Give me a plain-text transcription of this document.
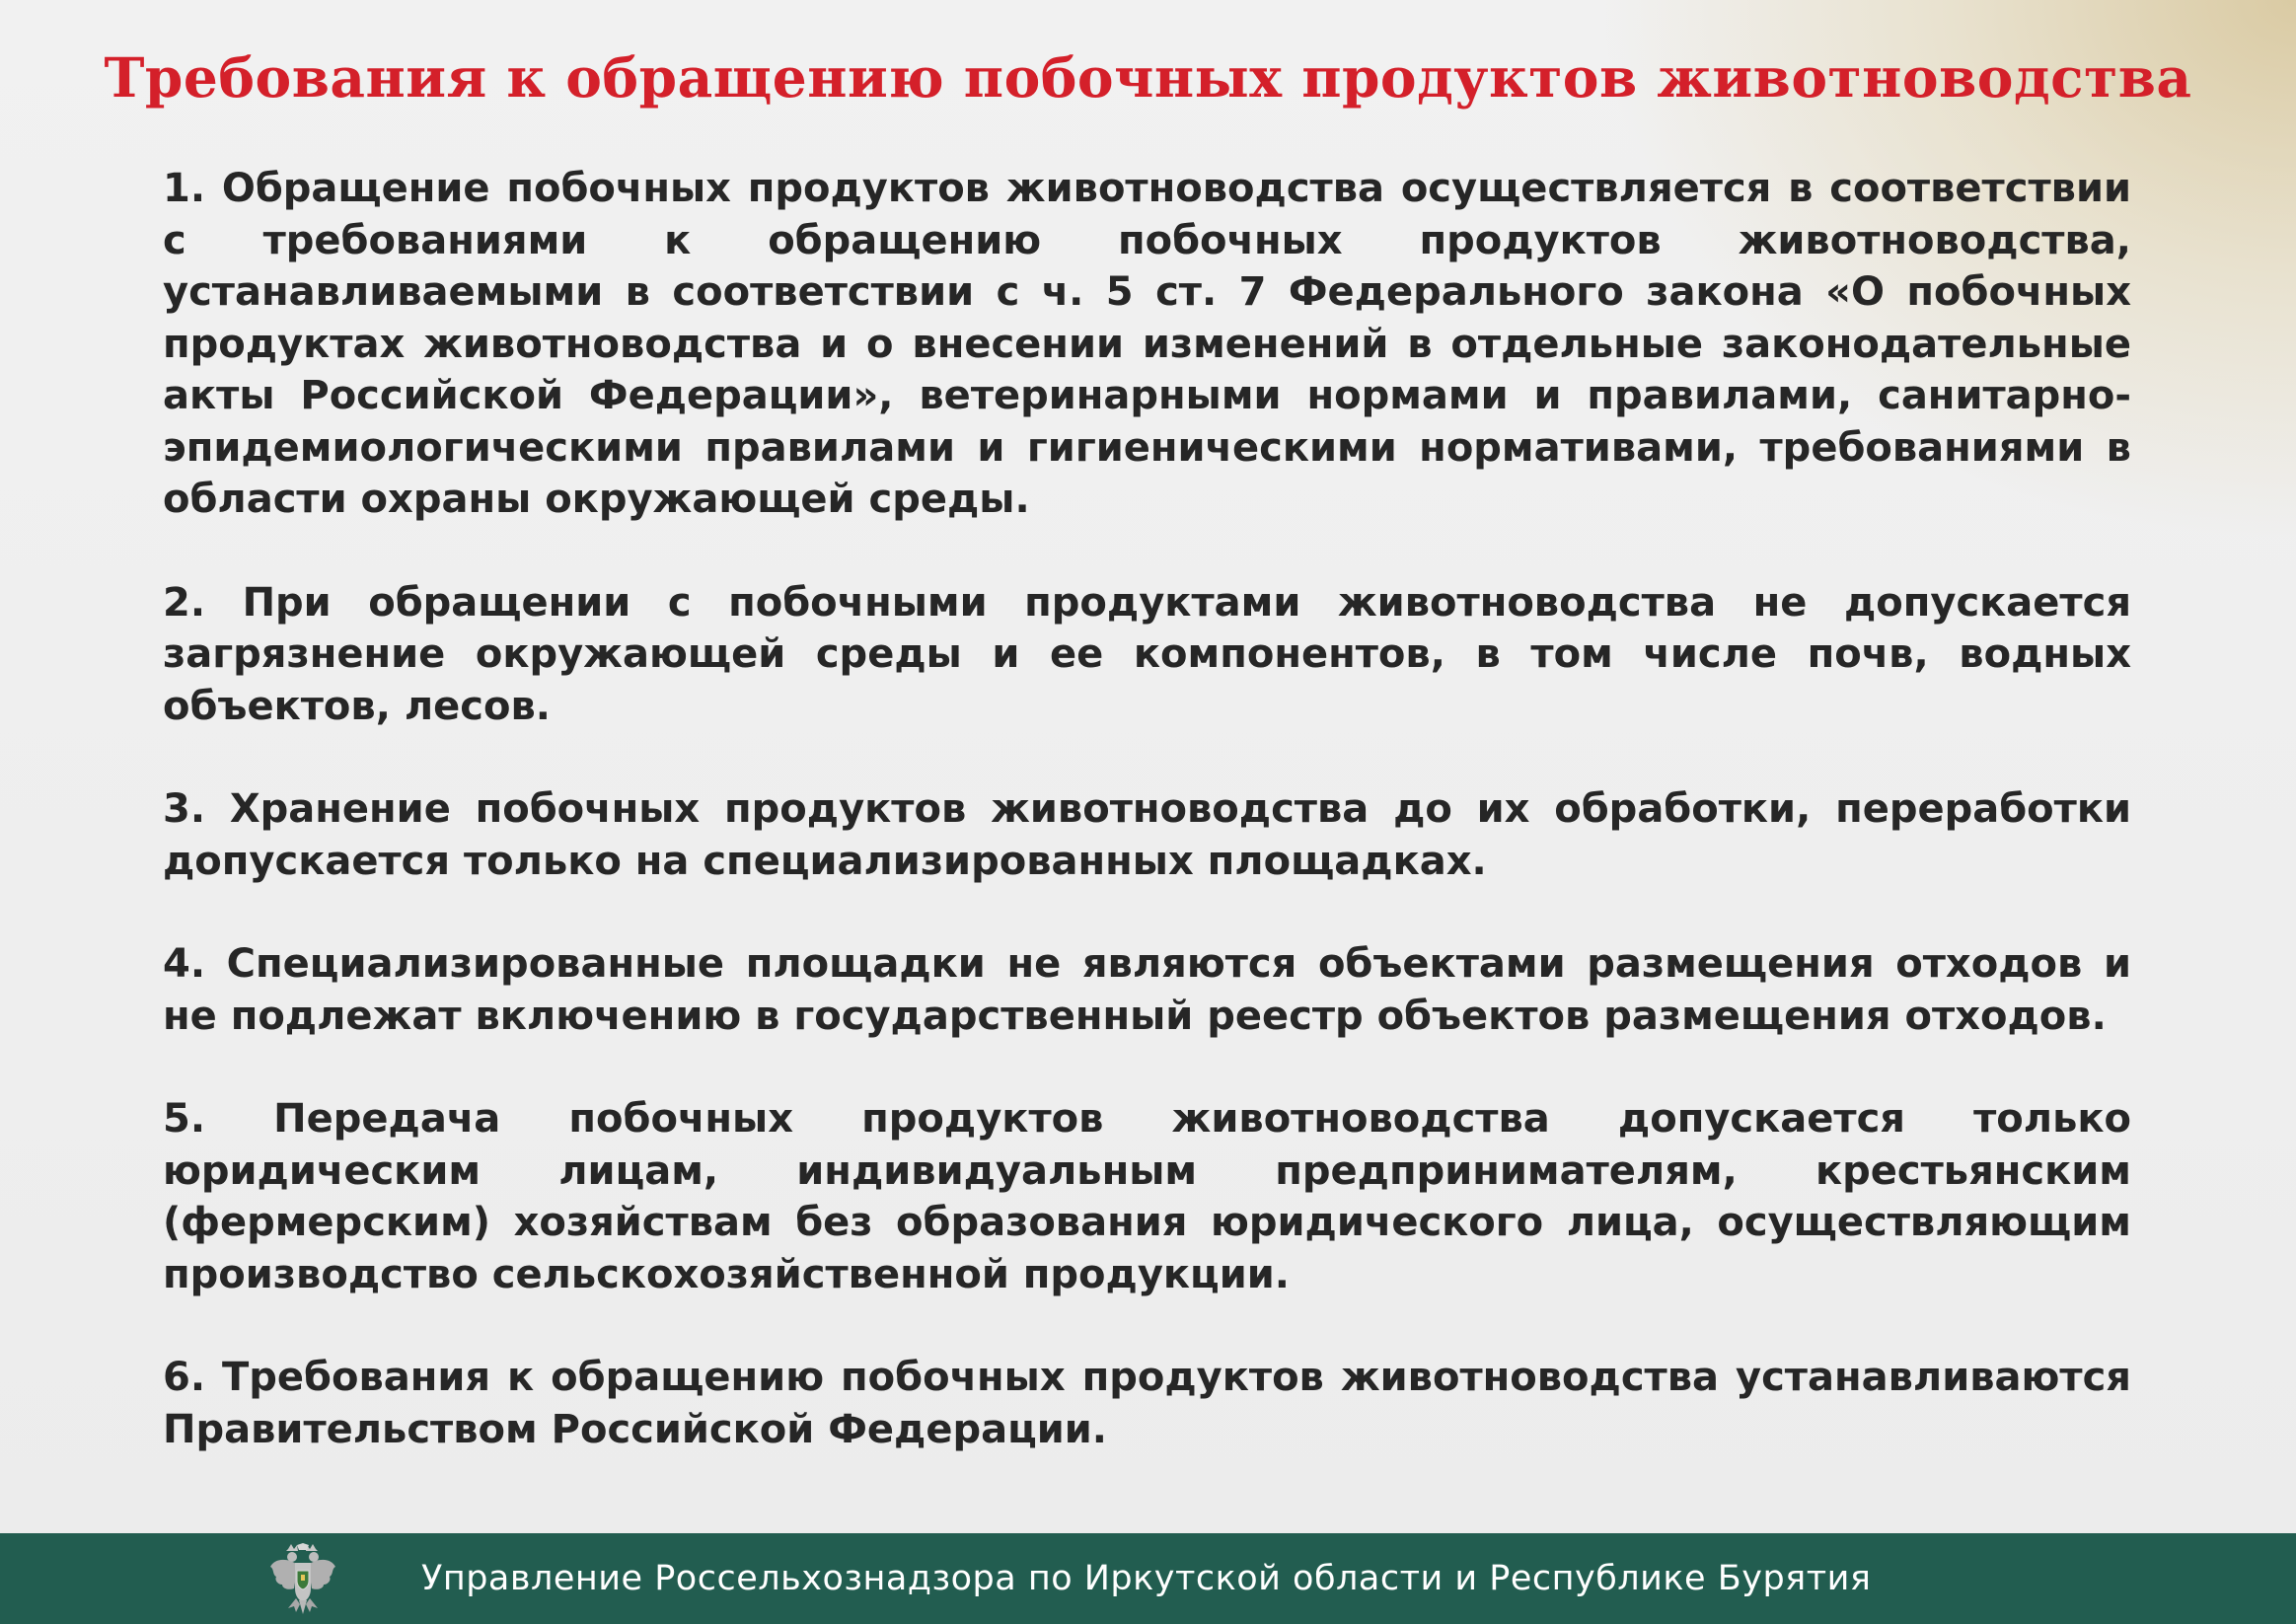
Требования к обращению побочных продуктов животноводства

1. Обращение побочных продуктов животноводства осуществляется в соответствии с требованиями к обращению побочных продуктов животноводства, устанавливаемыми в соответствии с ч. 5 ст. 7 Федерального закона «О побочных продуктах животноводства и о внесении изменений в отдельные законодательные акты Российской Федерации», ветеринарными нормами и правилами, санитарно-эпидемиологическими правилами и гигиеническими нормативами, требованиями в области охраны окружающей среды.

2. При обращении с побочными продуктами животноводства не допускается загрязнение окружающей среды и ее компонентов, в том числе почв, водных объектов, лесов.

3. Хранение побочных продуктов животноводства до их обработки, переработки допускается только на специализированных площадках.

4. Специализированные площадки не являются объектами размещения отходов и не подлежат включению в государственный реестр объектов размещения отходов.

5. Передача побочных продуктов животноводства допускается только юридическим лицам, индивидуальным предпринимателям, крестьянским (фермерским) хозяйствам без образования юридического лица, осуществляющим производство сельскохозяйственной продукции.

6. Требования к обращению побочных продуктов животноводства устанавливаются Правительством Российской Федерации.

Управление Россельхознадзора по Иркутской области и Республике Бурятия
